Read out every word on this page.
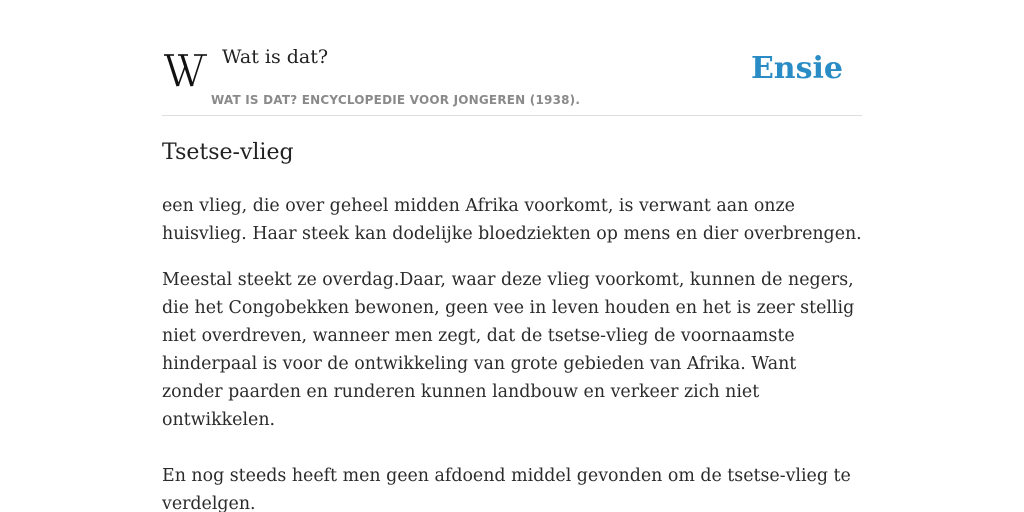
Wat is dat?

WAT IS DAT? ENCYCLOPEDIE VOOR JONGEREN (1938).

Ensie
Tsetse-vlieg

een vlieg, die over geheel midden Afrika voorkomt, is verwant aan onze huisvlieg. Haar steek kan dodelijke bloedziekten op mens en dier overbrengen.

Meestal steekt ze overdag.Daar, waar deze vlieg voorkomt, kunnen de negers, die het Congobekken bewonen, geen vee in leven houden en het is zeer stellig niet overdreven, wanneer men zegt, dat de tsetse-vlieg de voornaamste hinderpaal is voor de ontwikkeling van grote gebieden van Afrika. Want zonder paarden en runderen kunnen landbouw en verkeer zich niet ontwikkelen.

En nog steeds heeft men geen afdoend middel gevonden om de tsetse-vlieg te verdelgen.
